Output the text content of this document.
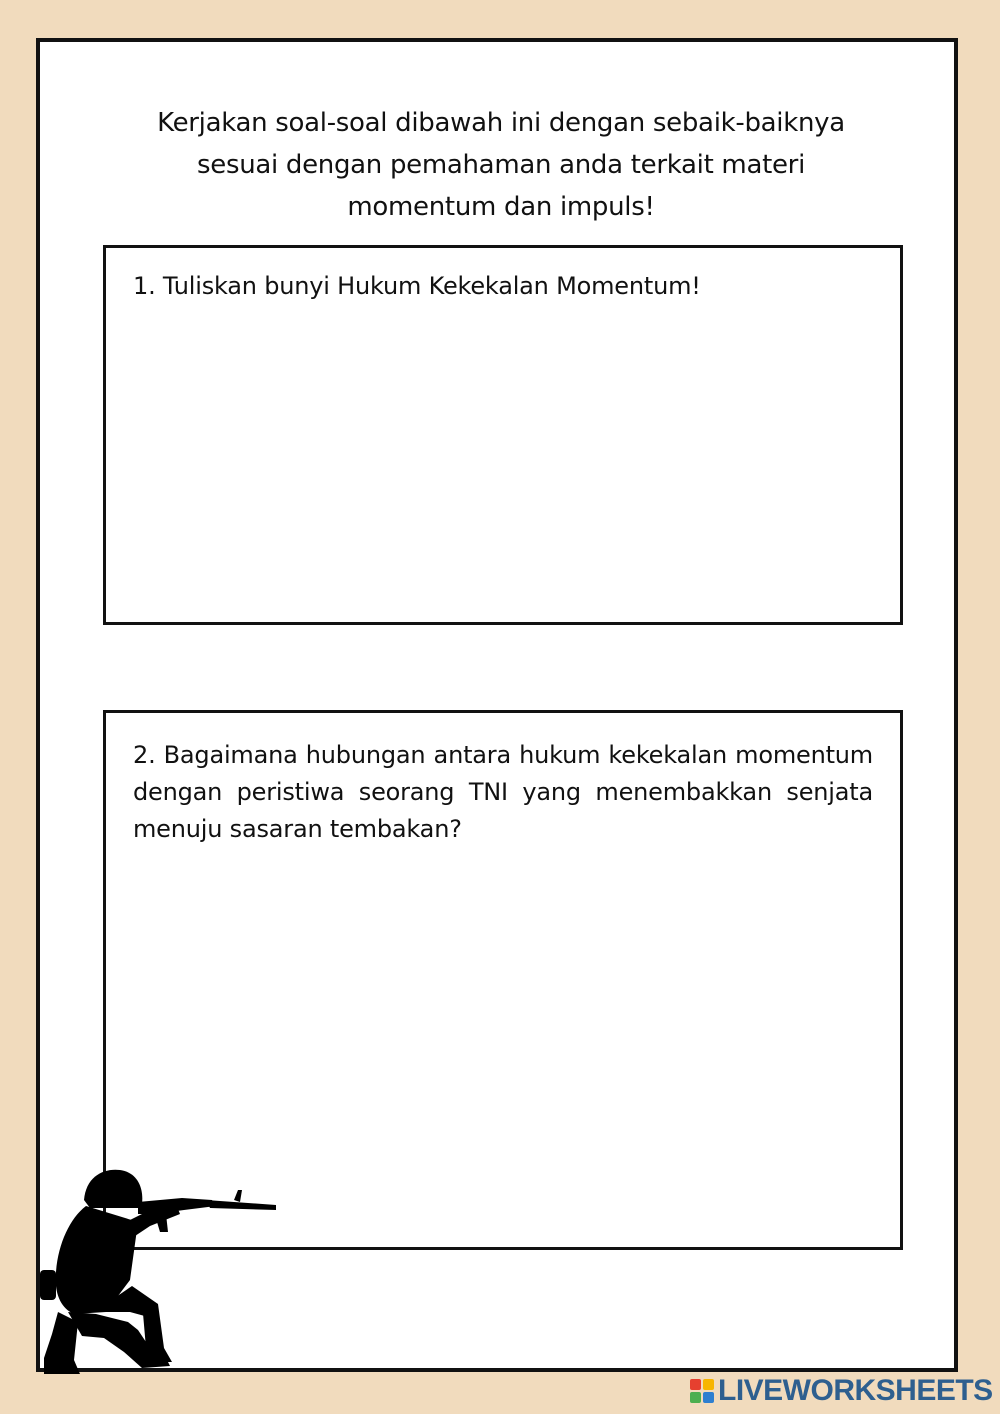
Kerjakan soal-soal dibawah ini dengan sebaik-baiknya
sesuai dengan pemahaman anda terkait materi
momentum dan impuls!
1. Tuliskan bunyi Hukum Kekekalan Momentum!
2. Bagaimana hubungan antara hukum kekekalan momentum dengan peristiwa seorang TNI yang menembakkan senjata menuju sasaran tembakan?
LIVEWORKSHEETS
